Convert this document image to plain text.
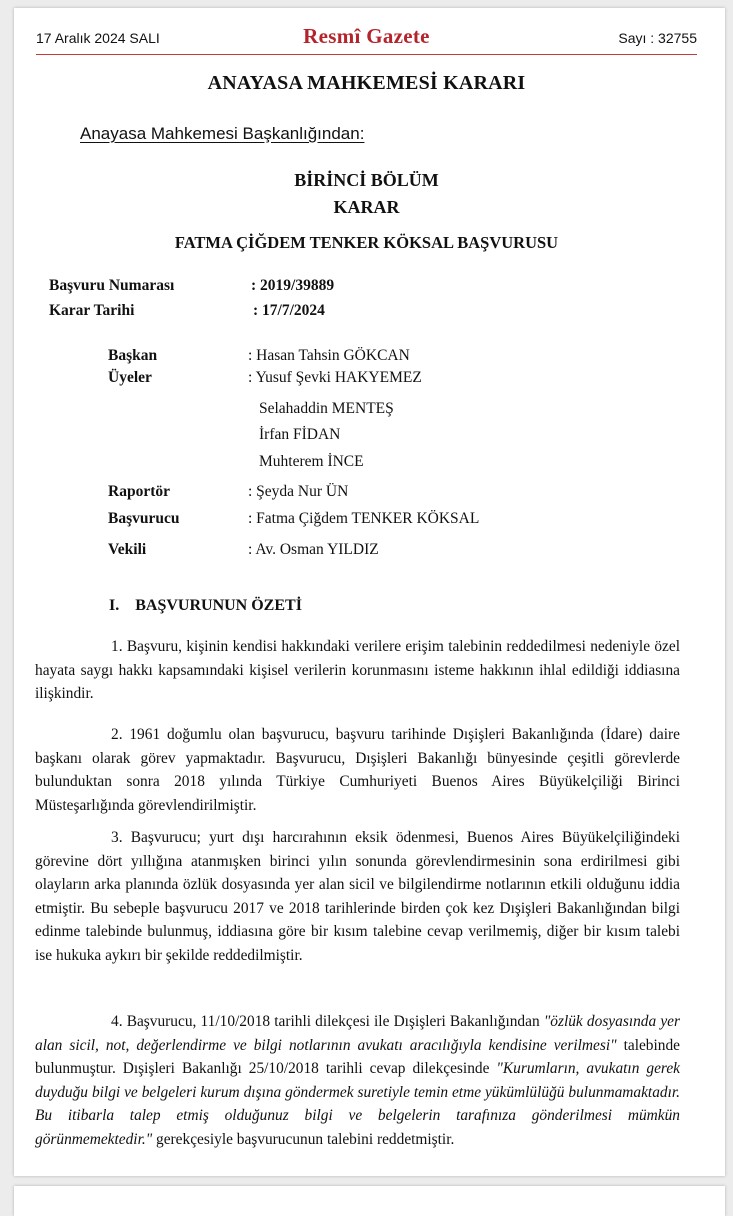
17 Aralık 2024 SALI	Resmî Gazete	Sayı : 32755
ANAYASA MAHKEMESİ KARARI
Anayasa Mahkemesi Başkanlığından:
BİRİNCİ BÖLÜM
KARAR
FATMA ÇİĞDEM TENKER KÖKSAL BAŞVURUSU
Başvuru Numarası	: 2019/39889
Karar Tarihi	: 17/7/2024
Başkan	: Hasan Tahsin GÖKCAN
Üyeler	: Yusuf Şevki HAKYEMEZ
Selahaddin MENTEŞ
İrfan FİDAN
Muhterem İNCE
Raportör	: Şeyda Nur ÜN
Başvurucu	: Fatma Çiğdem TENKER KÖKSAL
Vekili	: Av. Osman YILDIZ
I.    BAŞVURUNUN ÖZETİ

1. Başvuru, kişinin kendisi hakkındaki verilere erişim talebinin reddedilmesi nedeniyle özel hayata saygı hakkı kapsamındaki kişisel verilerin korunmasını isteme hakkının ihlal edildiği iddiasına ilişkindir.

2. 1961 doğumlu olan başvurucu, başvuru tarihinde Dışişleri Bakanlığında (İdare) daire başkanı olarak görev yapmaktadır. Başvurucu, Dışişleri Bakanlığı bünyesinde çeşitli görevlerde bulunduktan sonra 2018 yılında Türkiye Cumhuriyeti Buenos Aires Büyükelçiliği Birinci Müsteşarlığında görevlendirilmiştir.

3. Başvurucu; yurt dışı harcırahının eksik ödenmesi, Buenos Aires Büyükelçiliğindeki görevine dört yıllığına atanmışken birinci yılın sonunda görevlendirmesinin sona erdirilmesi gibi olayların arka planında özlük dosyasında yer alan sicil ve bilgilendirme notlarının etkili olduğunu iddia etmiştir. Bu sebeple başvurucu 2017 ve 2018 tarihlerinde birden çok kez Dışişleri Bakanlığından bilgi edinme talebinde bulunmuş, iddiasına göre bir kısım talebine cevap verilmemiş, diğer bir kısım talebi ise hukuka aykırı bir şekilde reddedilmiştir.

4. Başvurucu, 11/10/2018 tarihli dilekçesi ile Dışişleri Bakanlığından "özlük dosyasında yer alan sicil, not, değerlendirme ve bilgi notlarının avukatı aracılığıyla kendisine verilmesi" talebinde bulunmuştur. Dışişleri Bakanlığı 25/10/2018 tarihli cevap dilekçesinde "Kurumların, avukatın gerek duyduğu bilgi ve belgeleri kurum dışına göndermek suretiyle temin etme yükümlülüğü bulunmamaktadır. Bu itibarla talep etmiş olduğunuz bilgi ve belgelerin tarafınıza gönderilmesi mümkün görünmemektedir." gerekçesiyle başvurucunun talebini reddetmiştir.
